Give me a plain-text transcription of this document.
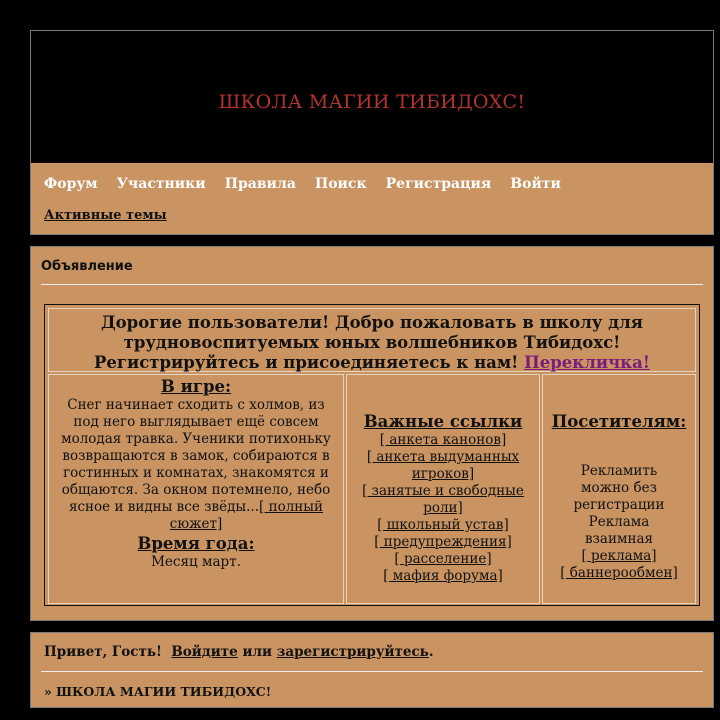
ШКОЛА МАГИИ ТИБИДОХС!
Форум Участники Правила Поиск Регистрация Войти
Активные темы
Объявление

Дорогие пользователи! Добро пожаловать в школу для трудновоспитуемых юных волшебников Тибидохс! Регистрируйтесь и присоединяетесь к нам! Перекличка!

В игре:
Снег начинает сходить с холмов, из под него выглядывает ещё совсем молодая травка. Ученики потихоньку возвращаются в замок, собираются в гостинных и комнатах, знакомятся и общаются. За окном потемнело, небо ясное и видны все звёды...[ полный сюжет]
Время года:
Месяц март.
Важные ссылки
[ анкета канонов]
[ анкета выдуманных игроков]
[ занятые и свободные роли]
[ школьный устав]
[ предупреждения]
[ расселение]
[ мафия форума]
Посетителям:
Рекламить можно без регистрации Реклама взаимная
[ реклама]
[ баннерообмен]
Привет, Гость! Войдите или зарегистрируйтесь.
» ШКОЛА МАГИИ ТИБИДОХС!
